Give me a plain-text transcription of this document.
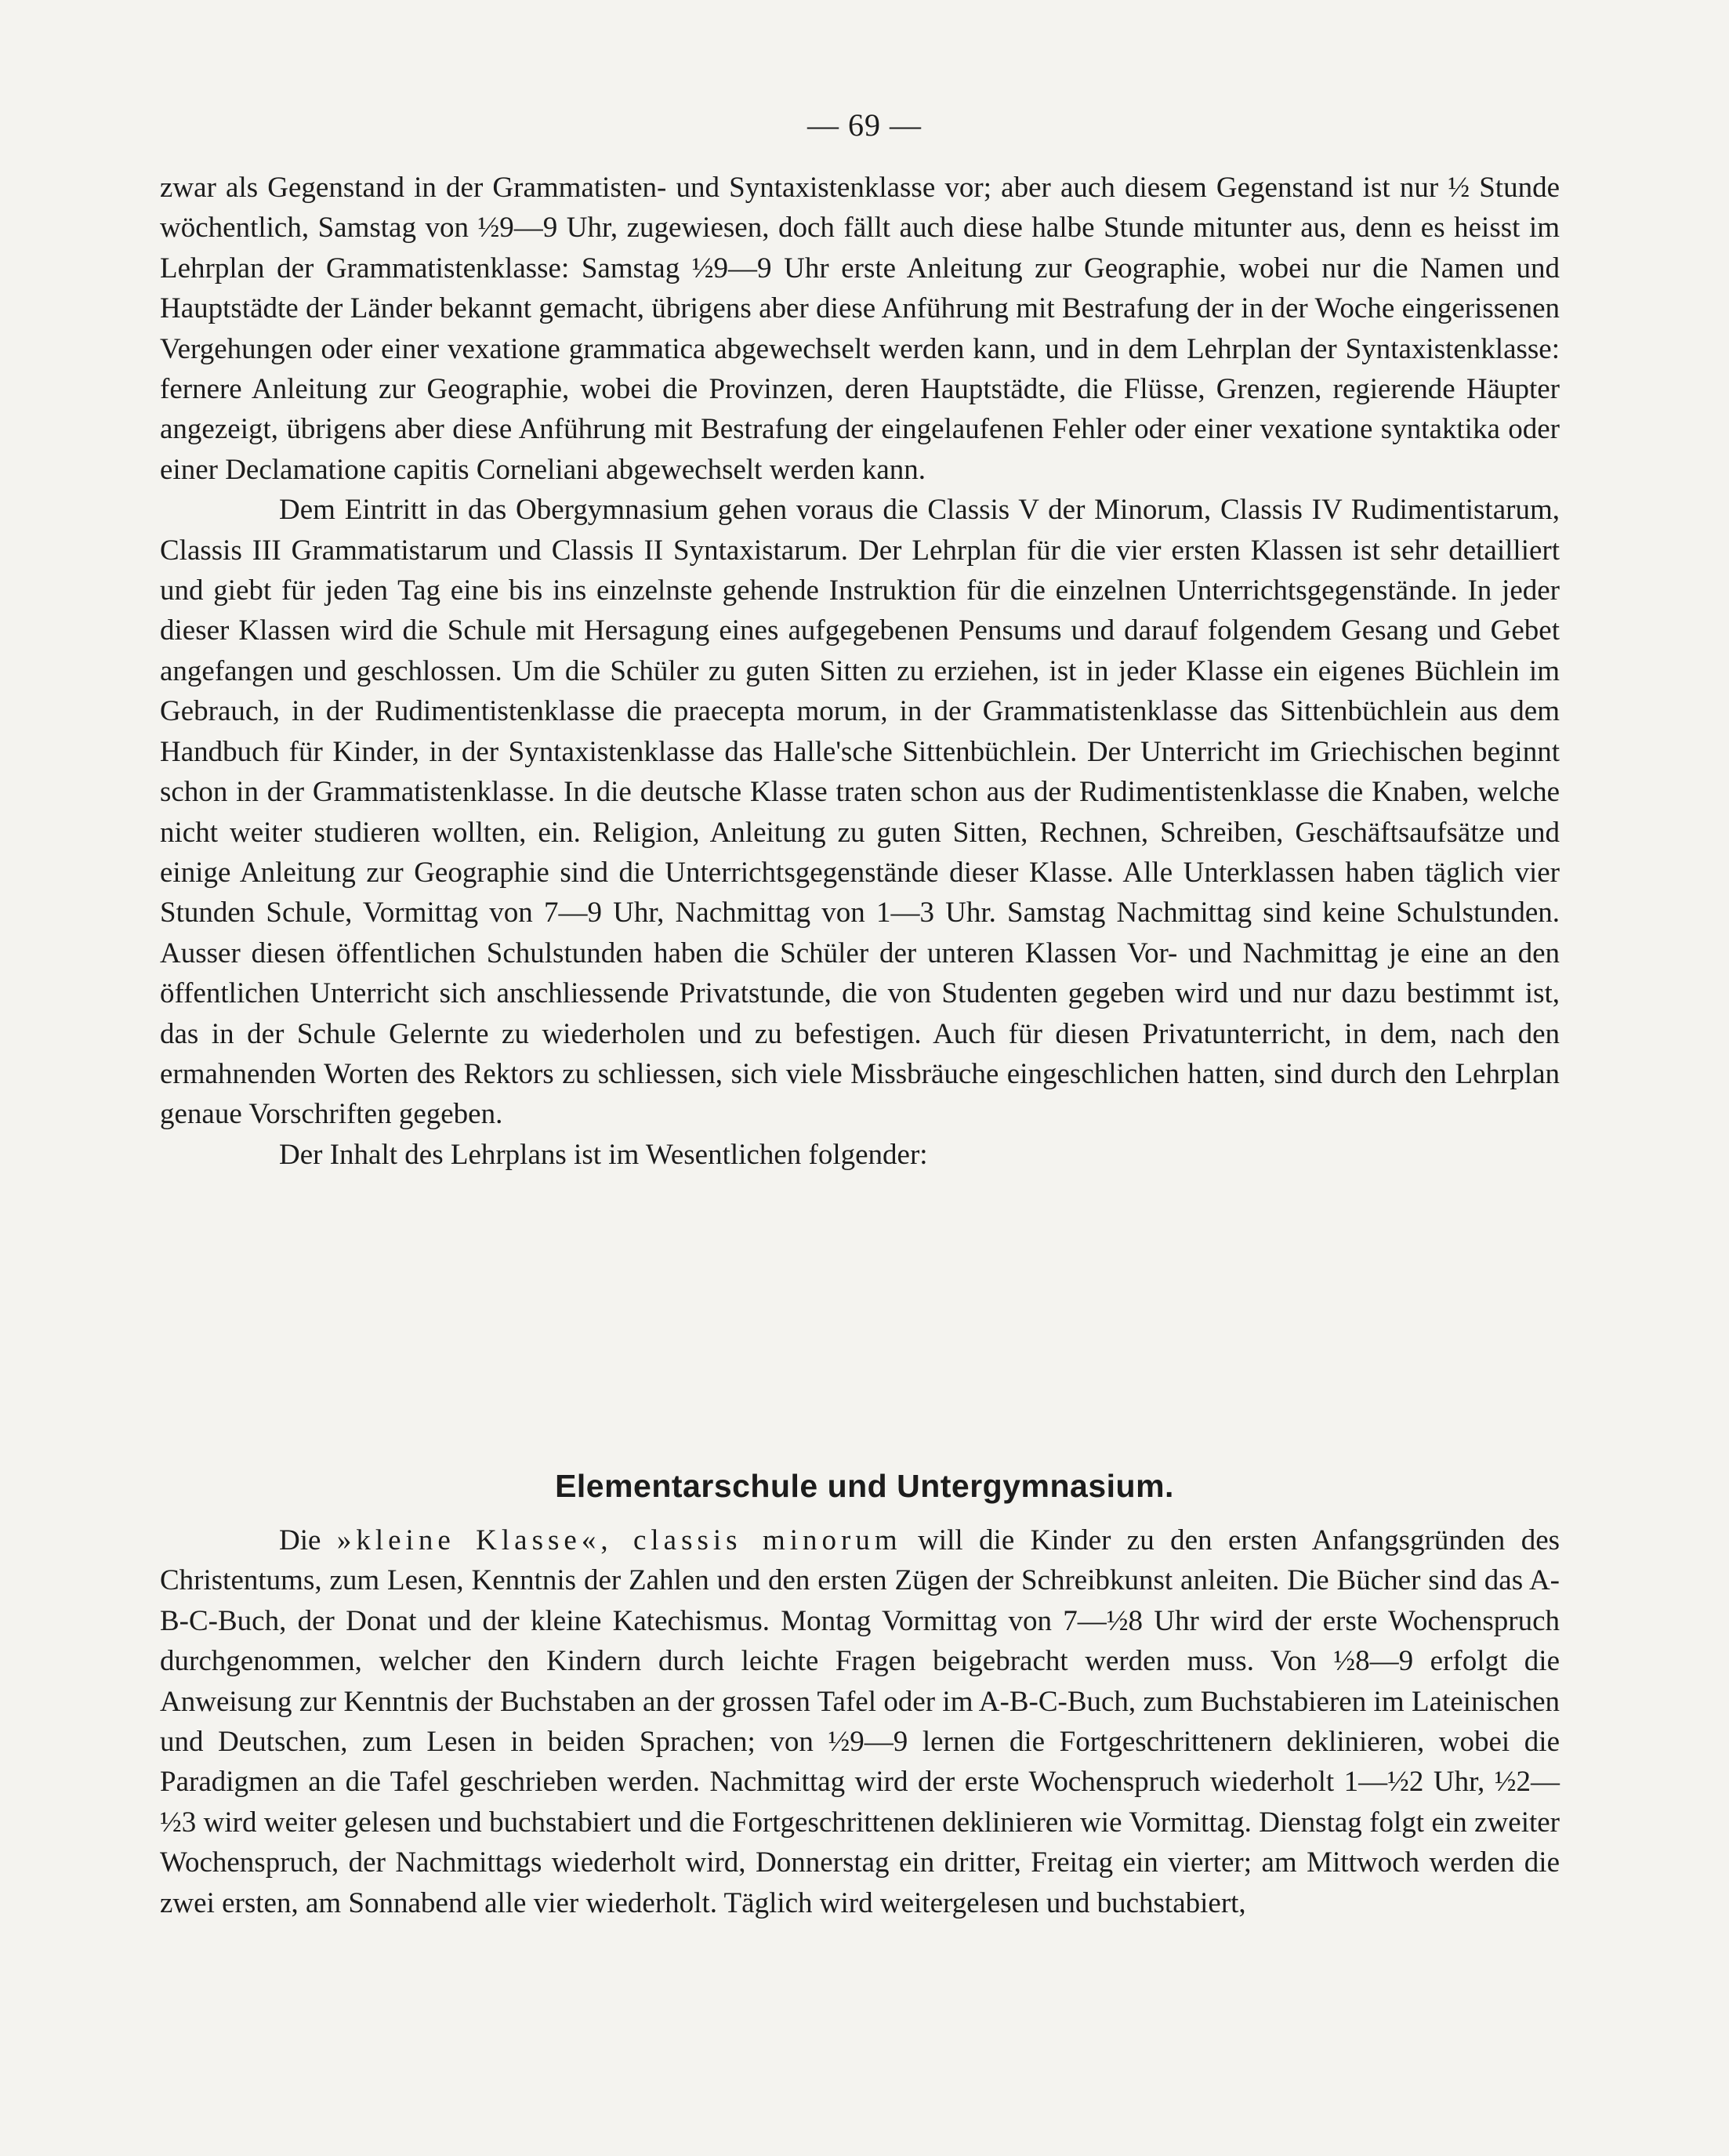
— 69 —

zwar als Gegenstand in der Grammatisten- und Syntaxistenklasse vor; aber auch diesem Gegenstand ist nur ½ Stunde wöchentlich, Samstag von ½9—9 Uhr, zugewiesen, doch fällt auch diese halbe Stunde mitunter aus, denn es heisst im Lehrplan der Grammatistenklasse: Samstag ½9—9 Uhr erste Anleitung zur Geographie, wobei nur die Namen und Hauptstädte der Länder bekannt gemacht, übrigens aber diese Anführung mit Bestrafung der in der Woche eingerissenen Vergehungen oder einer vexatione grammatica abgewechselt werden kann, und in dem Lehrplan der Syntaxistenklasse: fernere Anleitung zur Geographie, wobei die Provinzen, deren Hauptstädte, die Flüsse, Grenzen, regierende Häupter angezeigt, übrigens aber diese Anführung mit Bestrafung der eingelaufenen Fehler oder einer vexatione syntaktika oder einer Declamatione capitis Corneliani abgewechselt werden kann.

Dem Eintritt in das Obergymnasium gehen voraus die Classis V der Minorum, Classis IV Rudimentistarum, Classis III Grammatistarum und Classis II Syntaxistarum. Der Lehrplan für die vier ersten Klassen ist sehr detailliert und giebt für jeden Tag eine bis ins einzelnste gehende Instruktion für die einzelnen Unterrichtsgegenstände. In jeder dieser Klassen wird die Schule mit Hersagung eines aufgegebenen Pensums und darauf folgendem Gesang und Gebet angefangen und geschlossen. Um die Schüler zu guten Sitten zu erziehen, ist in jeder Klasse ein eigenes Büchlein im Gebrauch, in der Rudimentistenklasse die praecepta morum, in der Grammatistenklasse das Sittenbüchlein aus dem Handbuch für Kinder, in der Syntaxistenklasse das Halle'sche Sittenbüchlein. Der Unterricht im Griechischen beginnt schon in der Grammatistenklasse. In die deutsche Klasse traten schon aus der Rudimentistenklasse die Knaben, welche nicht weiter studieren wollten, ein. Religion, Anleitung zu guten Sitten, Rechnen, Schreiben, Geschäftsaufsätze und einige Anleitung zur Geographie sind die Unterrichtsgegenstände dieser Klasse. Alle Unterklassen haben täglich vier Stunden Schule, Vormittag von 7—9 Uhr, Nachmittag von 1—3 Uhr. Samstag Nachmittag sind keine Schulstunden. Ausser diesen öffentlichen Schulstunden haben die Schüler der unteren Klassen Vor- und Nachmittag je eine an den öffentlichen Unterricht sich anschliessende Privatstunde, die von Studenten gegeben wird und nur dazu bestimmt ist, das in der Schule Gelernte zu wiederholen und zu befestigen. Auch für diesen Privatunterricht, in dem, nach den ermahnenden Worten des Rektors zu schliessen, sich viele Missbräuche eingeschlichen hatten, sind durch den Lehrplan genaue Vorschriften gegeben.

Der Inhalt des Lehrplans ist im Wesentlichen folgender:

Elementarschule und Untergymnasium.

Die »kleine Klasse«, classis minorum will die Kinder zu den ersten Anfangsgründen des Christentums, zum Lesen, Kenntnis der Zahlen und den ersten Zügen der Schreibkunst anleiten. Die Bücher sind das A-B-C-Buch, der Donat und der kleine Katechismus. Montag Vormittag von 7—½8 Uhr wird der erste Wochenspruch durchgenommen, welcher den Kindern durch leichte Fragen beigebracht werden muss. Von ½8—9 erfolgt die Anweisung zur Kenntnis der Buchstaben an der grossen Tafel oder im A-B-C-Buch, zum Buchstabieren im Lateinischen und Deutschen, zum Lesen in beiden Sprachen; von ½9—9 lernen die Fortgeschrittenern deklinieren, wobei die Paradigmen an die Tafel geschrieben werden. Nachmittag wird der erste Wochenspruch wiederholt 1—½2 Uhr, ½2—½3 wird weiter gelesen und buchstabiert und die Fortgeschrittenen deklinieren wie Vormittag. Dienstag folgt ein zweiter Wochenspruch, der Nachmittags wiederholt wird, Donnerstag ein dritter, Freitag ein vierter; am Mittwoch werden die zwei ersten, am Sonnabend alle vier wiederholt. Täglich wird weitergelesen und buchstabiert,
